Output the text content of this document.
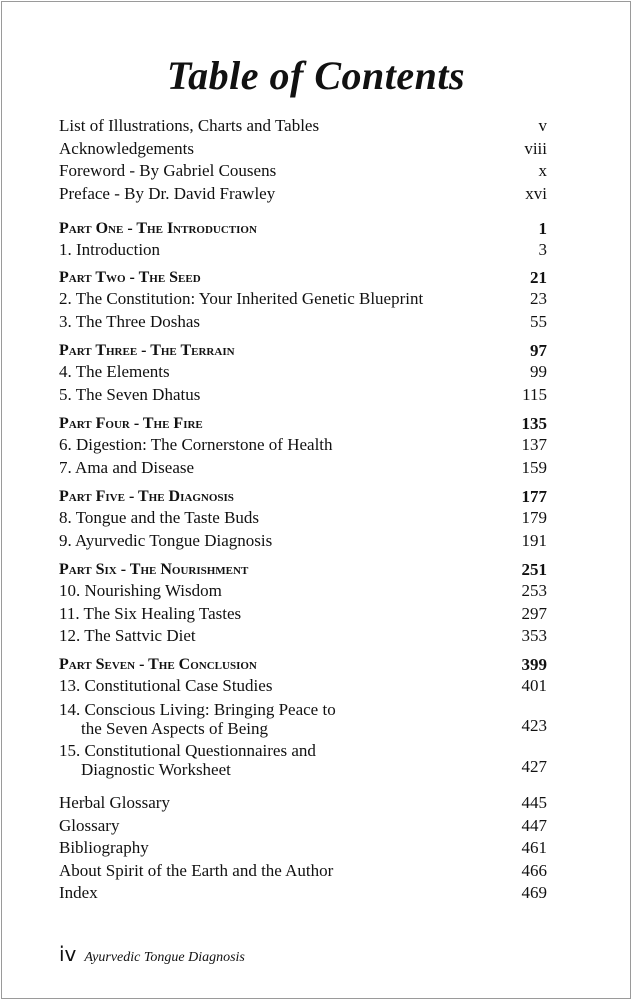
Table of Contents
List of Illustrations, Charts and Tables	v
Acknowledgements	viii
Foreword - By Gabriel Cousens	x
Preface - By Dr. David Frawley	xvi
Part One - The Introduction	1
1. Introduction	3
Part Two - The Seed	21
2. The Constitution: Your Inherited Genetic Blueprint	23
3. The Three Doshas	55
Part Three - The Terrain	97
4. The Elements	99
5. The Seven Dhatus	115
Part Four - The Fire	135
6. Digestion: The Cornerstone of Health	137
7. Ama and Disease	159
Part Five - The Diagnosis	177
8. Tongue and the Taste Buds	179
9. Ayurvedic Tongue Diagnosis	191
Part Six - The Nourishment	251
10. Nourishing Wisdom	253
11. The Six Healing Tastes	297
12. The Sattvic Diet	353
Part Seven - The Conclusion	399
13. Constitutional Case Studies	401
14. Conscious Living: Bringing Peace to
the Seven Aspects of Being	423
15. Constitutional Questionnaires and
Diagnostic Worksheet	427
Herbal Glossary	445
Glossary	447
Bibliography	461
About Spirit of the Earth and the Author	466
Index	469
iv Ayurvedic Tongue Diagnosis
